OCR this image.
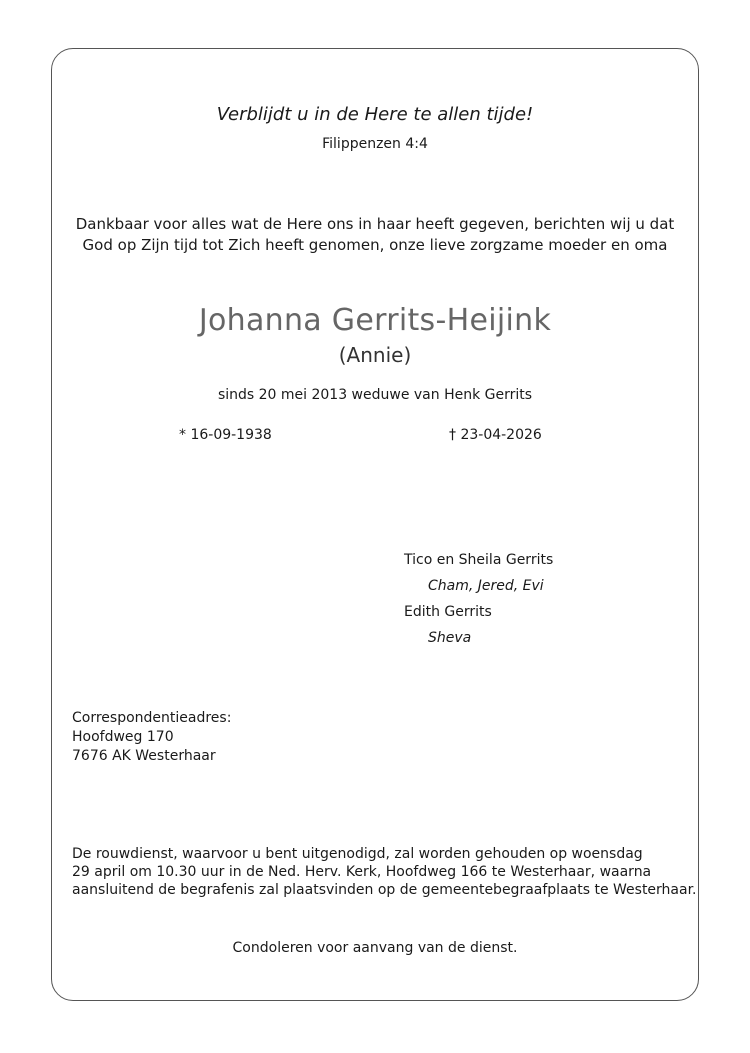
Verblijdt u in de Here te allen tijde!
Filippenzen 4:4
Dankbaar voor alles wat de Here ons in haar heeft gegeven, berichten wij u dat
God op Zijn tijd tot Zich heeft genomen, onze lieve zorgzame moeder en oma
Johanna Gerrits-Heijink
(Annie)
sinds 20 mei 2013 weduwe van Henk Gerrits
* 16-09-1938	† 23-04-2026
Tico en Sheila Gerrits
Cham, Jered, Evi
Edith Gerrits
Sheva
Correspondentieadres:
Hoofdweg 170
7676 AK Westerhaar
De rouwdienst, waarvoor u bent uitgenodigd, zal worden gehouden op woensdag
29 april om 10.30 uur in de Ned. Herv. Kerk, Hoofdweg 166 te Westerhaar, waarna
aansluitend de begrafenis zal plaatsvinden op de gemeentebegraafplaats te Westerhaar.
Condoleren voor aanvang van de dienst.
